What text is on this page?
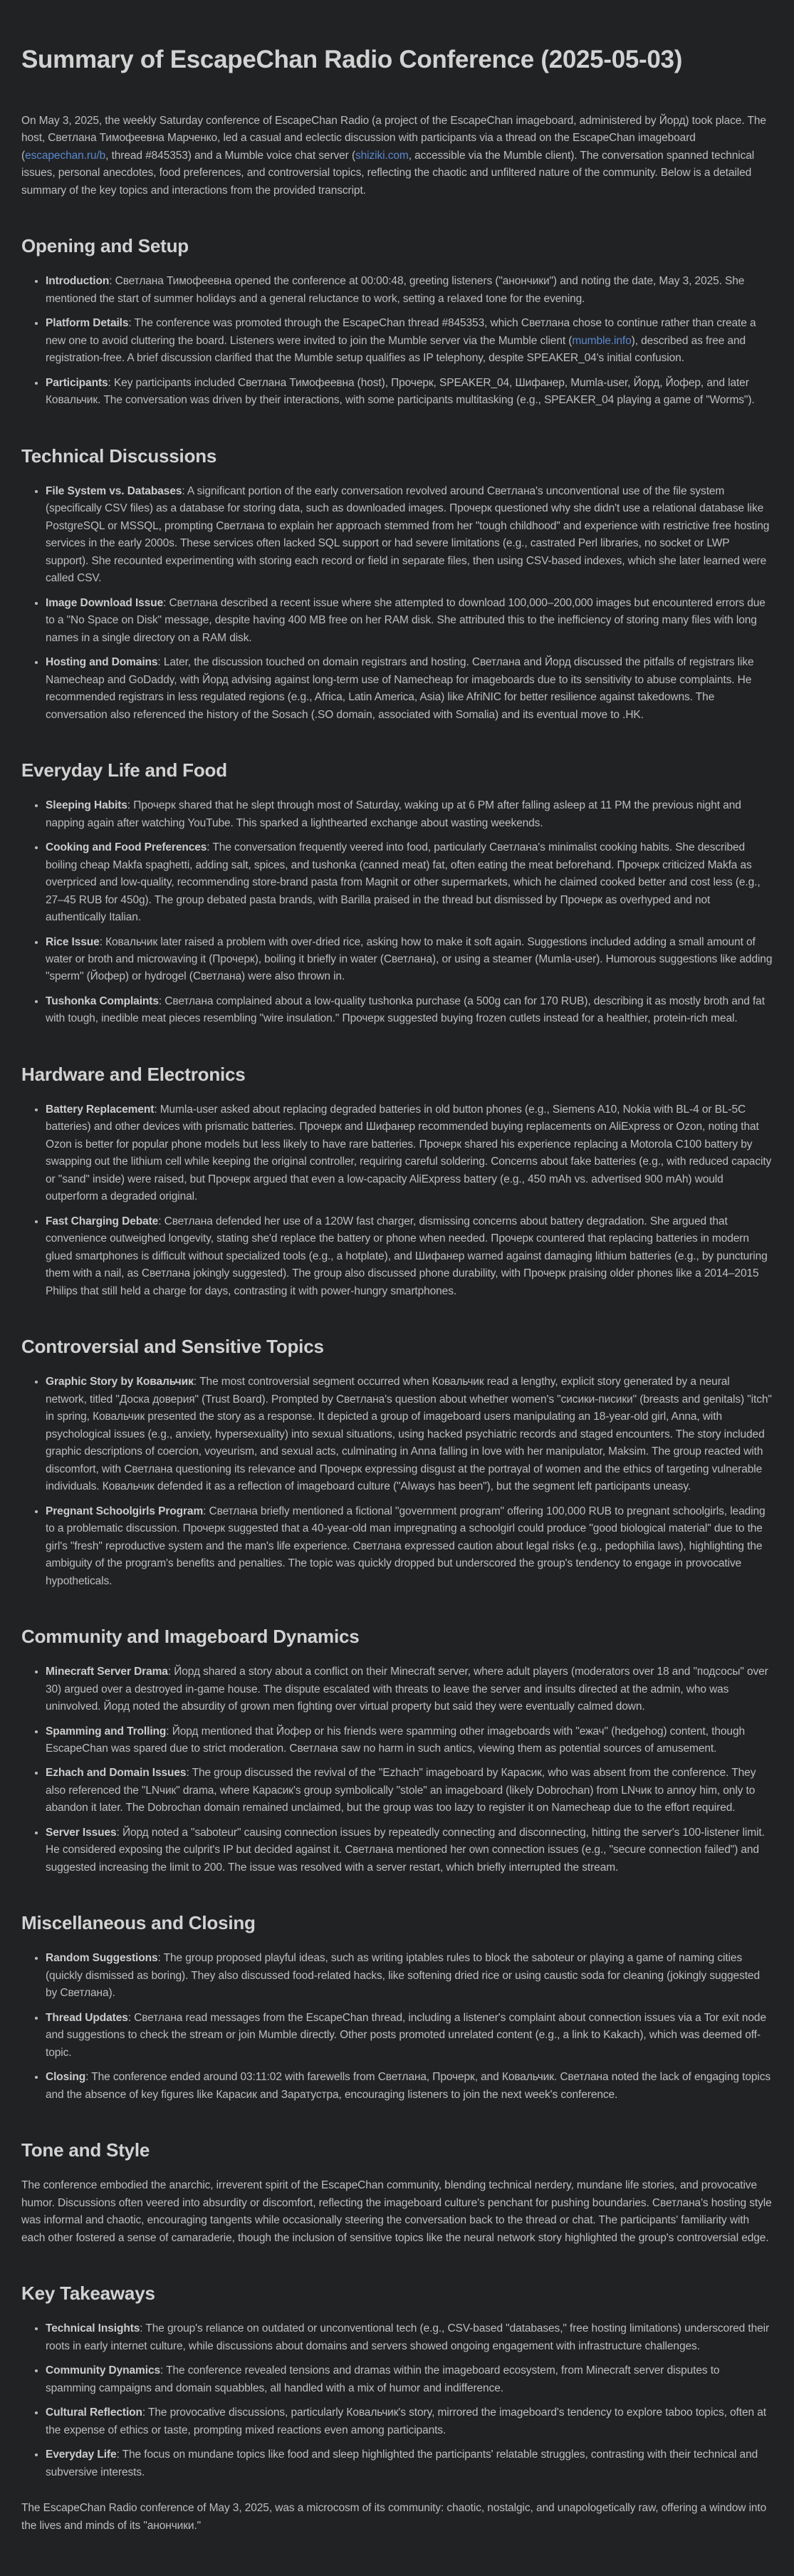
Summary of EscapeChan Radio Conference (2025-05-03)

On May 3, 2025, the weekly Saturday conference of EscapeChan Radio (a project of the EscapeChan imageboard, administered by Йорд) took place. The host, Светлана Тимофеевна Марченко, led a casual and eclectic discussion with participants via a thread on the EscapeChan imageboard (escapechan.ru/b, thread #845353) and a Mumble voice chat server (shiziki.com, accessible via the Mumble client). The conversation spanned technical issues, personal anecdotes, food preferences, and controversial topics, reflecting the chaotic and unfiltered nature of the community. Below is a detailed summary of the key topics and interactions from the provided transcript.

Opening and Setup
• Introduction: Светлана Тимофеевна opened the conference at 00:00:48, greeting listeners ("анончики") and noting the date, May 3, 2025. She mentioned the start of summer holidays and a general reluctance to work, setting a relaxed tone for the evening.
• Platform Details: The conference was promoted through the EscapeChan thread #845353, which Светлана chose to continue rather than create a new one to avoid cluttering the board. Listeners were invited to join the Mumble server via the Mumble client (mumble.info), described as free and registration-free. A brief discussion clarified that the Mumble setup qualifies as IP telephony, despite SPEAKER_04's initial confusion.
• Participants: Key participants included Светлана Тимофеевна (host), Прочерк, SPEAKER_04, Шифанер, Mumla-user, Йорд, Йофер, and later Ковальчик. The conversation was driven by their interactions, with some participants multitasking (e.g., SPEAKER_04 playing a game of "Worms").
Technical Discussions
• File System vs. Databases: A significant portion of the early conversation revolved around Светлана's unconventional use of the file system (specifically CSV files) as a database for storing data, such as downloaded images. Прочерк questioned why she didn't use a relational database like PostgreSQL or MSSQL, prompting Светлана to explain her approach stemmed from her "tough childhood" and experience with restrictive free hosting services in the early 2000s. These services often lacked SQL support or had severe limitations (e.g., castrated Perl libraries, no socket or LWP support). She recounted experimenting with storing each record or field in separate files, then using CSV-based indexes, which she later learned were called CSV.
• Image Download Issue: Светлана described a recent issue where she attempted to download 100,000–200,000 images but encountered errors due to a "No Space on Disk" message, despite having 400 MB free on her RAM disk. She attributed this to the inefficiency of storing many files with long names in a single directory on a RAM disk.
• Hosting and Domains: Later, the discussion touched on domain registrars and hosting. Светлана and Йорд discussed the pitfalls of registrars like Namecheap and GoDaddy, with Йорд advising against long-term use of Namecheap for imageboards due to its sensitivity to abuse complaints. He recommended registrars in less regulated regions (e.g., Africa, Latin America, Asia) like AfriNIC for better resilience against takedowns. The conversation also referenced the history of the Sosach (.SO domain, associated with Somalia) and its eventual move to .HK.
Everyday Life and Food
• Sleeping Habits: Прочерк shared that he slept through most of Saturday, waking up at 6 PM after falling asleep at 11 PM the previous night and napping again after watching YouTube. This sparked a lighthearted exchange about wasting weekends.
• Cooking and Food Preferences: The conversation frequently veered into food, particularly Светлана's minimalist cooking habits. She described boiling cheap Makfa spaghetti, adding salt, spices, and tushonka (canned meat) fat, often eating the meat beforehand. Прочерк criticized Makfa as overpriced and low-quality, recommending store-brand pasta from Magnit or other supermarkets, which he claimed cooked better and cost less (e.g., 27–45 RUB for 450g). The group debated pasta brands, with Barilla praised in the thread but dismissed by Прочерк as overhyped and not authentically Italian.
• Rice Issue: Ковальчик later raised a problem with over-dried rice, asking how to make it soft again. Suggestions included adding a small amount of water or broth and microwaving it (Прочерк), boiling it briefly in water (Светлана), or using a steamer (Mumla-user). Humorous suggestions like adding "sperm" (Йофер) or hydrogel (Светлана) were also thrown in.
• Tushonka Complaints: Светлана complained about a low-quality tushonka purchase (a 500g can for 170 RUB), describing it as mostly broth and fat with tough, inedible meat pieces resembling "wire insulation." Прочерк suggested buying frozen cutlets instead for a healthier, protein-rich meal.
Hardware and Electronics
• Battery Replacement: Mumla-user asked about replacing degraded batteries in old button phones (e.g., Siemens A10, Nokia with BL-4 or BL-5C batteries) and other devices with prismatic batteries. Прочерк and Шифанер recommended buying replacements on AliExpress or Ozon, noting that Ozon is better for popular phone models but less likely to have rare batteries. Прочерк shared his experience replacing a Motorola C100 battery by swapping out the lithium cell while keeping the original controller, requiring careful soldering. Concerns about fake batteries (e.g., with reduced capacity or "sand" inside) were raised, but Прочерк argued that even a low-capacity AliExpress battery (e.g., 450 mAh vs. advertised 900 mAh) would outperform a degraded original.
• Fast Charging Debate: Светлана defended her use of a 120W fast charger, dismissing concerns about battery degradation. She argued that convenience outweighed longevity, stating she'd replace the battery or phone when needed. Прочерк countered that replacing batteries in modern glued smartphones is difficult without specialized tools (e.g., a hotplate), and Шифанер warned against damaging lithium batteries (e.g., by puncturing them with a nail, as Светлана jokingly suggested). The group also discussed phone durability, with Прочерк praising older phones like a 2014–2015 Philips that still held a charge for days, contrasting it with power-hungry smartphones.
Controversial and Sensitive Topics
• Graphic Story by Ковальчик: The most controversial segment occurred when Ковальчик read a lengthy, explicit story generated by a neural network, titled "Доска доверия" (Trust Board). Prompted by Светлана's question about whether women's "сисики-писики" (breasts and genitals) "itch" in spring, Ковальчик presented the story as a response. It depicted a group of imageboard users manipulating an 18-year-old girl, Anna, with psychological issues (e.g., anxiety, hypersexuality) into sexual situations, using hacked psychiatric records and staged encounters. The story included graphic descriptions of coercion, voyeurism, and sexual acts, culminating in Anna falling in love with her manipulator, Maksim. The group reacted with discomfort, with Светлана questioning its relevance and Прочерк expressing disgust at the portrayal of women and the ethics of targeting vulnerable individuals. Ковальчик defended it as a reflection of imageboard culture ("Always has been"), but the segment left participants uneasy.
• Pregnant Schoolgirls Program: Светлана briefly mentioned a fictional "government program" offering 100,000 RUB to pregnant schoolgirls, leading to a problematic discussion. Прочерк suggested that a 40-year-old man impregnating a schoolgirl could produce "good biological material" due to the girl's "fresh" reproductive system and the man's life experience. Светлана expressed caution about legal risks (e.g., pedophilia laws), highlighting the ambiguity of the program's benefits and penalties. The topic was quickly dropped but underscored the group's tendency to engage in provocative hypotheticals.
Community and Imageboard Dynamics
• Minecraft Server Drama: Йорд shared a story about a conflict on their Minecraft server, where adult players (moderators over 18 and "подсосы" over 30) argued over a destroyed in-game house. The dispute escalated with threats to leave the server and insults directed at the admin, who was uninvolved. Йорд noted the absurdity of grown men fighting over virtual property but said they were eventually calmed down.
• Spamming and Trolling: Йорд mentioned that Йофер or his friends were spamming other imageboards with "ежач" (hedgehog) content, though EscapeChan was spared due to strict moderation. Светлана saw no harm in such antics, viewing them as potential sources of amusement.
• Ezhach and Domain Issues: The group discussed the revival of the "Ezhach" imageboard by Карасик, who was absent from the conference. They also referenced the "LNчик" drama, where Карасик's group symbolically "stole" an imageboard (likely Dobrochan) from LNчик to annoy him, only to abandon it later. The Dobrochan domain remained unclaimed, but the group was too lazy to register it on Namecheap due to the effort required.
• Server Issues: Йорд noted a "saboteur" causing connection issues by repeatedly connecting and disconnecting, hitting the server's 100-listener limit. He considered exposing the culprit's IP but decided against it. Светлана mentioned her own connection issues (e.g., "secure connection failed") and suggested increasing the limit to 200. The issue was resolved with a server restart, which briefly interrupted the stream.
Miscellaneous and Closing
• Random Suggestions: The group proposed playful ideas, such as writing iptables rules to block the saboteur or playing a game of naming cities (quickly dismissed as boring). They also discussed food-related hacks, like softening dried rice or using caustic soda for cleaning (jokingly suggested by Светлана).
• Thread Updates: Светлана read messages from the EscapeChan thread, including a listener's complaint about connection issues via a Tor exit node and suggestions to check the stream or join Mumble directly. Other posts promoted unrelated content (e.g., a link to Kakach), which was deemed off-topic.
• Closing: The conference ended around 03:11:02 with farewells from Светлана, Прочерк, and Ковальчик. Светлана noted the lack of engaging topics and the absence of key figures like Карасик and Заратустра, encouraging listeners to join the next week's conference.
Tone and Style

The conference embodied the anarchic, irreverent spirit of the EscapeChan community, blending technical nerdery, mundane life stories, and provocative humor. Discussions often veered into absurdity or discomfort, reflecting the imageboard culture's penchant for pushing boundaries. Светлана's hosting style was informal and chaotic, encouraging tangents while occasionally steering the conversation back to the thread or chat. The participants' familiarity with each other fostered a sense of camaraderie, though the inclusion of sensitive topics like the neural network story highlighted the group's controversial edge.

Key Takeaways
• Technical Insights: The group's reliance on outdated or unconventional tech (e.g., CSV-based "databases," free hosting limitations) underscored their roots in early internet culture, while discussions about domains and servers showed ongoing engagement with infrastructure challenges.
• Community Dynamics: The conference revealed tensions and dramas within the imageboard ecosystem, from Minecraft server disputes to spamming campaigns and domain squabbles, all handled with a mix of humor and indifference.
• Cultural Reflection: The provocative discussions, particularly Ковальчик's story, mirrored the imageboard's tendency to explore taboo topics, often at the expense of ethics or taste, prompting mixed reactions even among participants.
• Everyday Life: The focus on mundane topics like food and sleep highlighted the participants' relatable struggles, contrasting with their technical and subversive interests.

The EscapeChan Radio conference of May 3, 2025, was a microcosm of its community: chaotic, nostalgic, and unapologetically raw, offering a window into the lives and minds of its "анончики."
